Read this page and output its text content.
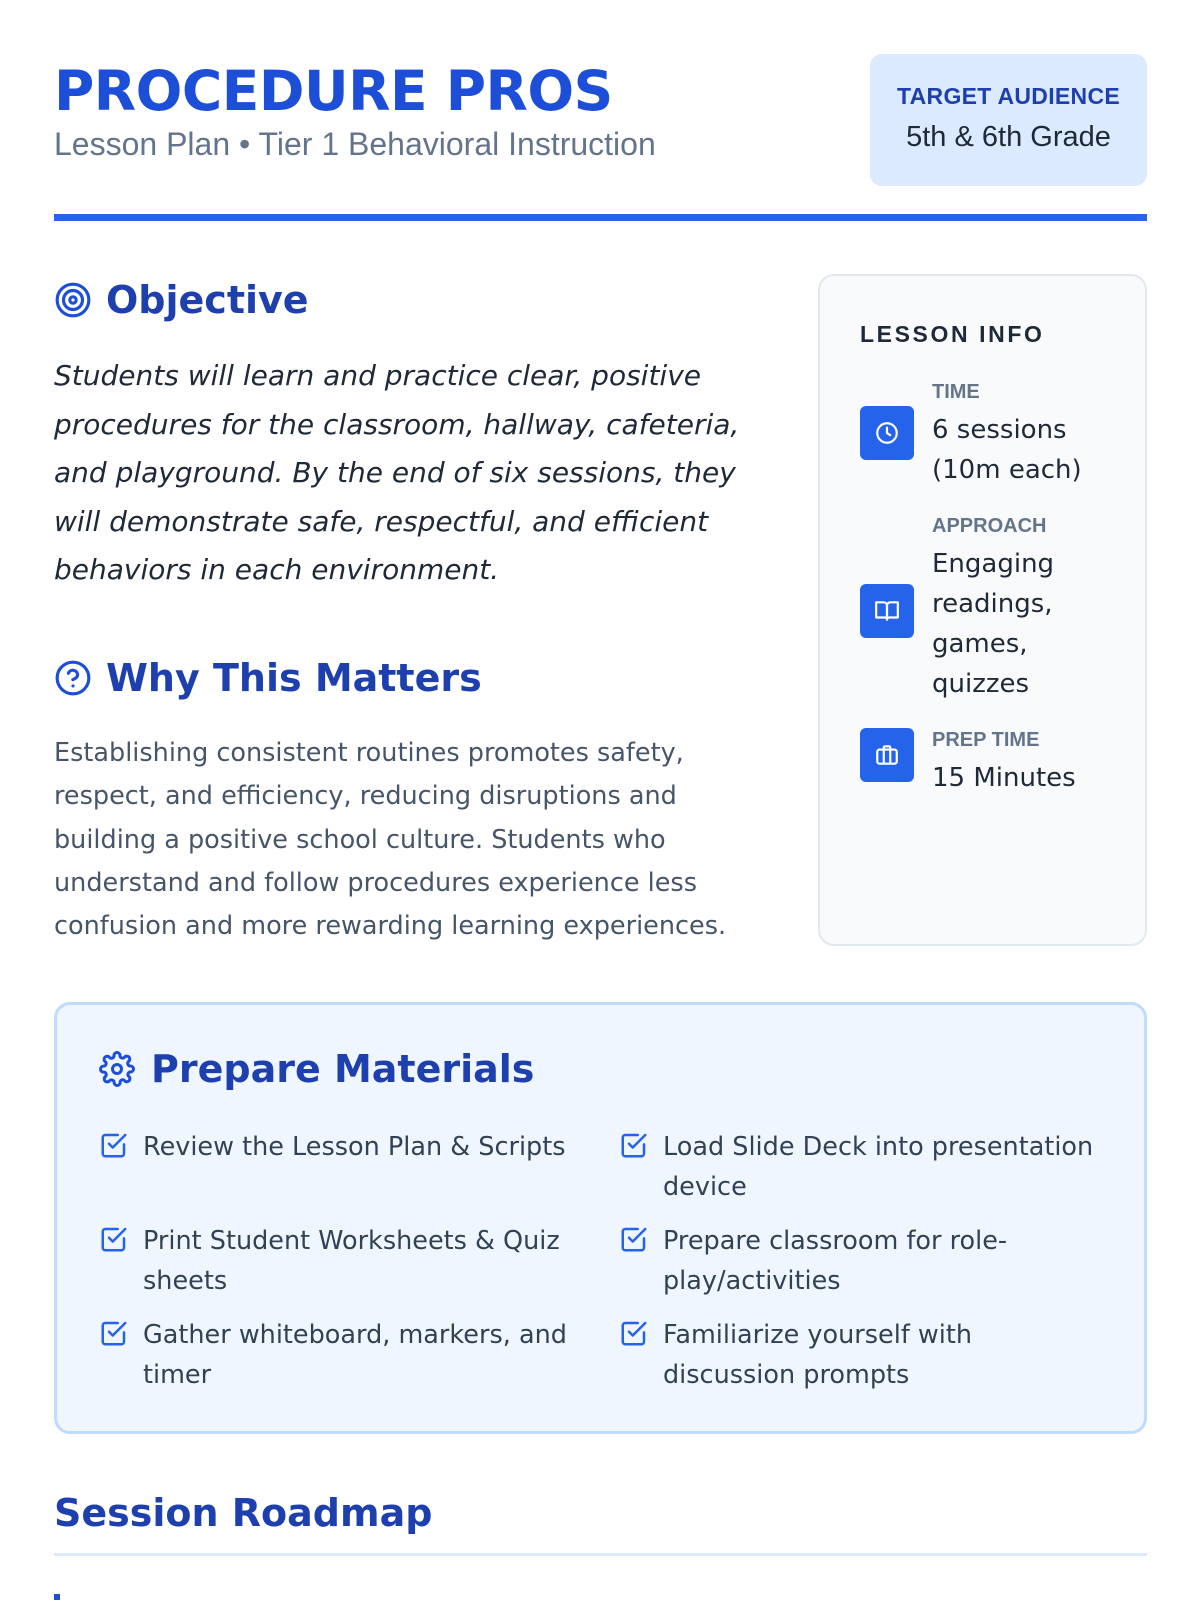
PROCEDURE PROS
Lesson Plan • Tier 1 Behavioral Instruction
TARGET AUDIENCE
5th & 6th Grade
Objective

Students will learn and practice clear, positive procedures for the classroom, hallway, cafeteria, and playground. By the end of six sessions, they will demonstrate safe, respectful, and efficient behaviors in each environment.

Why This Matters

Establishing consistent routines promotes safety, respect, and efficiency, reducing disruptions and building a positive school culture. Students who understand and follow procedures experience less confusion and more rewarding learning experiences.

LESSON INFO
TIME
6 sessions (10m each)
APPROACH
Engaging readings, games, quizzes
PREP TIME
15 Minutes
Prepare Materials
Review the Lesson Plan & Scripts	Load Slide Deck into presentation device
Print Student Worksheets & Quiz sheets
Prepare classroom for role-play/activities
Gather whiteboard, markers, and timer
Familiarize yourself with discussion prompts
Session Roadmap
